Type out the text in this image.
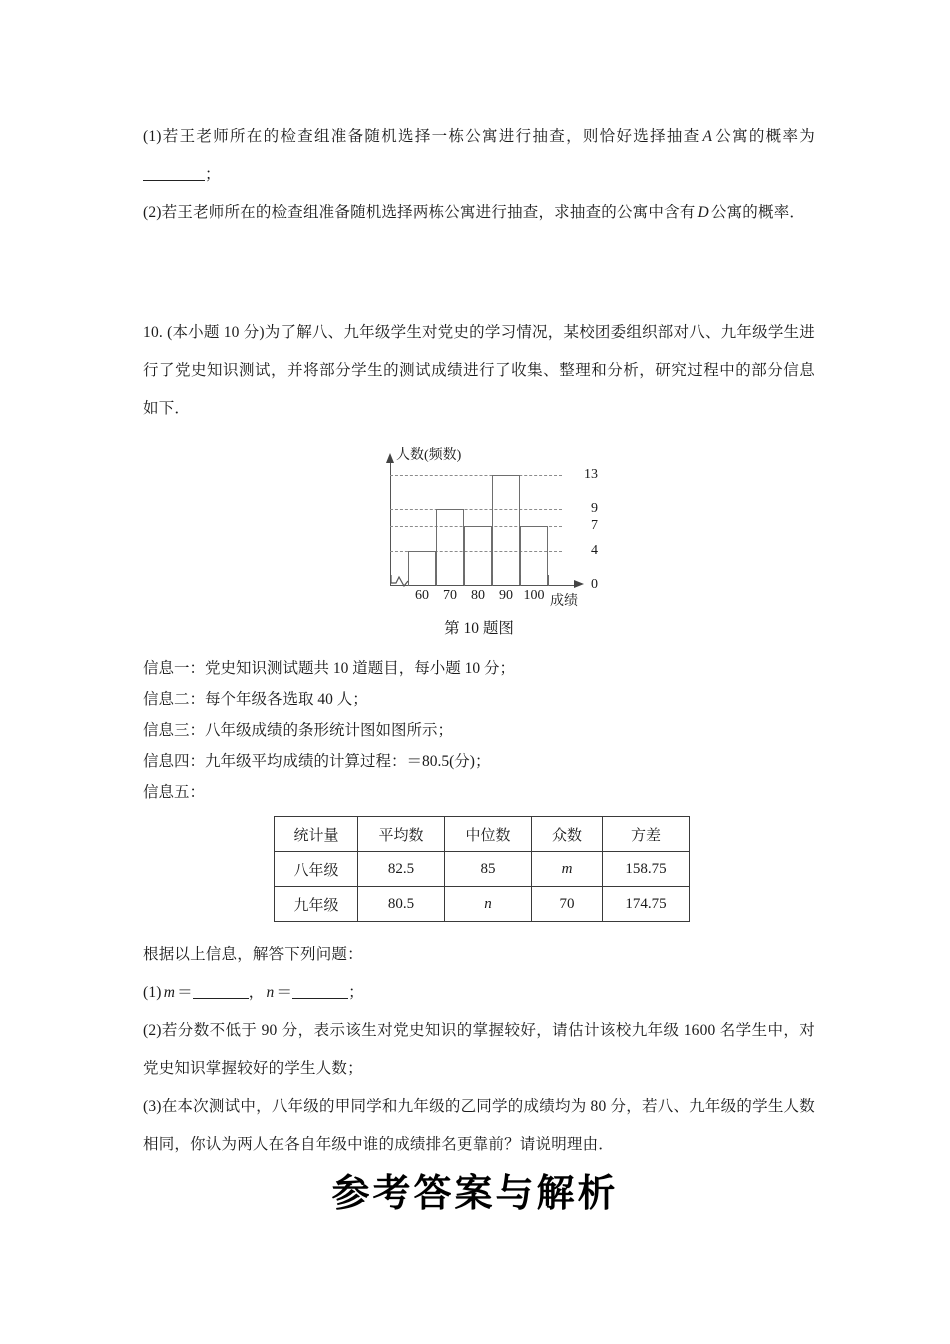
(1)若王老师所在的检查组准备随机选择一栋公寓进行抽查，则恰好选择抽查 A 公寓的概率为；

(2)若王老师所在的检查组准备随机选择两栋公寓进行抽查，求抽查的公寓中含有 D 公寓的概率．

10. (本小题 10 分)为了解八、九年级学生对党史的学习情况，某校团委组织部对八、九年级学生进行了党史知识测试，并将部分学生的测试成绩进行了收集、整理和分析，研究过程中的部分信息如下．

人数(频数)
成绩
0
4
7
9
13
60	70	80	90 100
第 10 题图

信息一：党史知识测试题共 10 道题目，每小题 10 分；

信息二：每个年级各选取 40 人；

信息三：八年级成绩的条形统计图如图所示；

信息四：九年级平均成绩的计算过程：＝80.5(分)；

信息五：

统计量	平均数	中位数	众数	方差
八年级	82.5	85	m	158.75
九年级	80.5	n	70	174.75

根据以上信息，解答下列问题：

(1) m ＝	， n ＝	；

(2)若分数不低于 90 分，表示该生对党史知识的掌握较好，请估计该校九年级 1600 名学生中，对党史知识掌握较好的学生人数；

(3)在本次测试中，八年级的甲同学和九年级的乙同学的成绩均为 80 分，若八、九年级的学生人数相同，你认为两人在各自年级中谁的成绩排名更靠前？请说明理由．

参考答案与解析
